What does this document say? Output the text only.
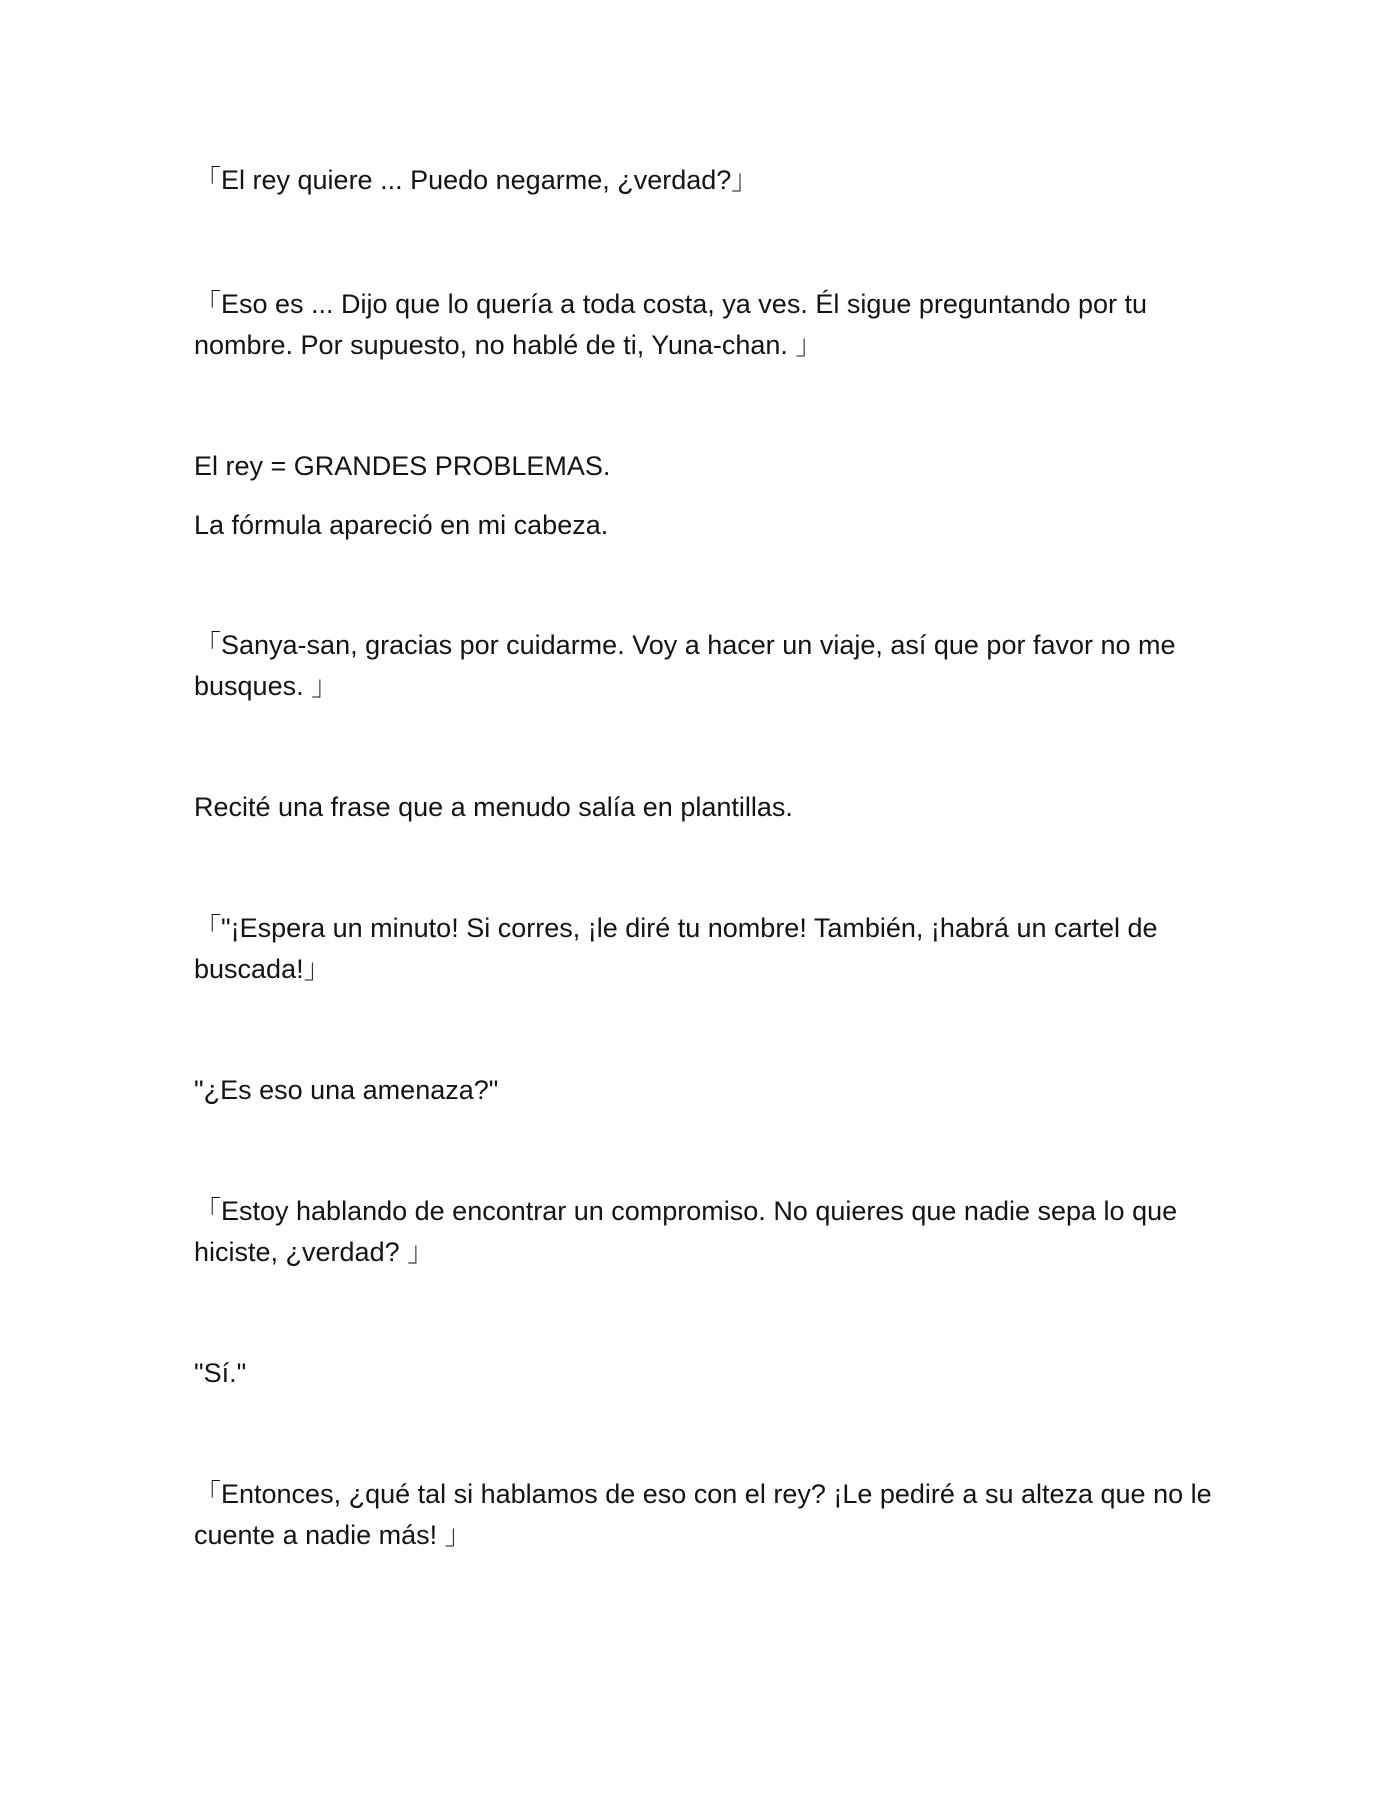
「El rey quiere ... Puedo negarme, ¿verdad?」

「Eso es ... Dijo que lo quería a toda costa, ya ves. Él sigue preguntando por tu nombre. Por supuesto, no hablé de ti, Yuna-chan. 」

El rey = GRANDES PROBLEMAS.

La fórmula apareció en mi cabeza.

「Sanya-san, gracias por cuidarme. Voy a hacer un viaje, así que por favor no me busques. 」

Recité una frase que a menudo salía en plantillas.

「"¡Espera un minuto! Si corres, ¡le diré tu nombre! También, ¡habrá un cartel de buscada!」

"¿Es eso una amenaza?"

「Estoy hablando de encontrar un compromiso. No quieres que nadie sepa lo que hiciste, ¿verdad? 」

"Sí."

「Entonces, ¿qué tal si hablamos de eso con el rey? ¡Le pediré a su alteza que no le cuente a nadie más! 」
